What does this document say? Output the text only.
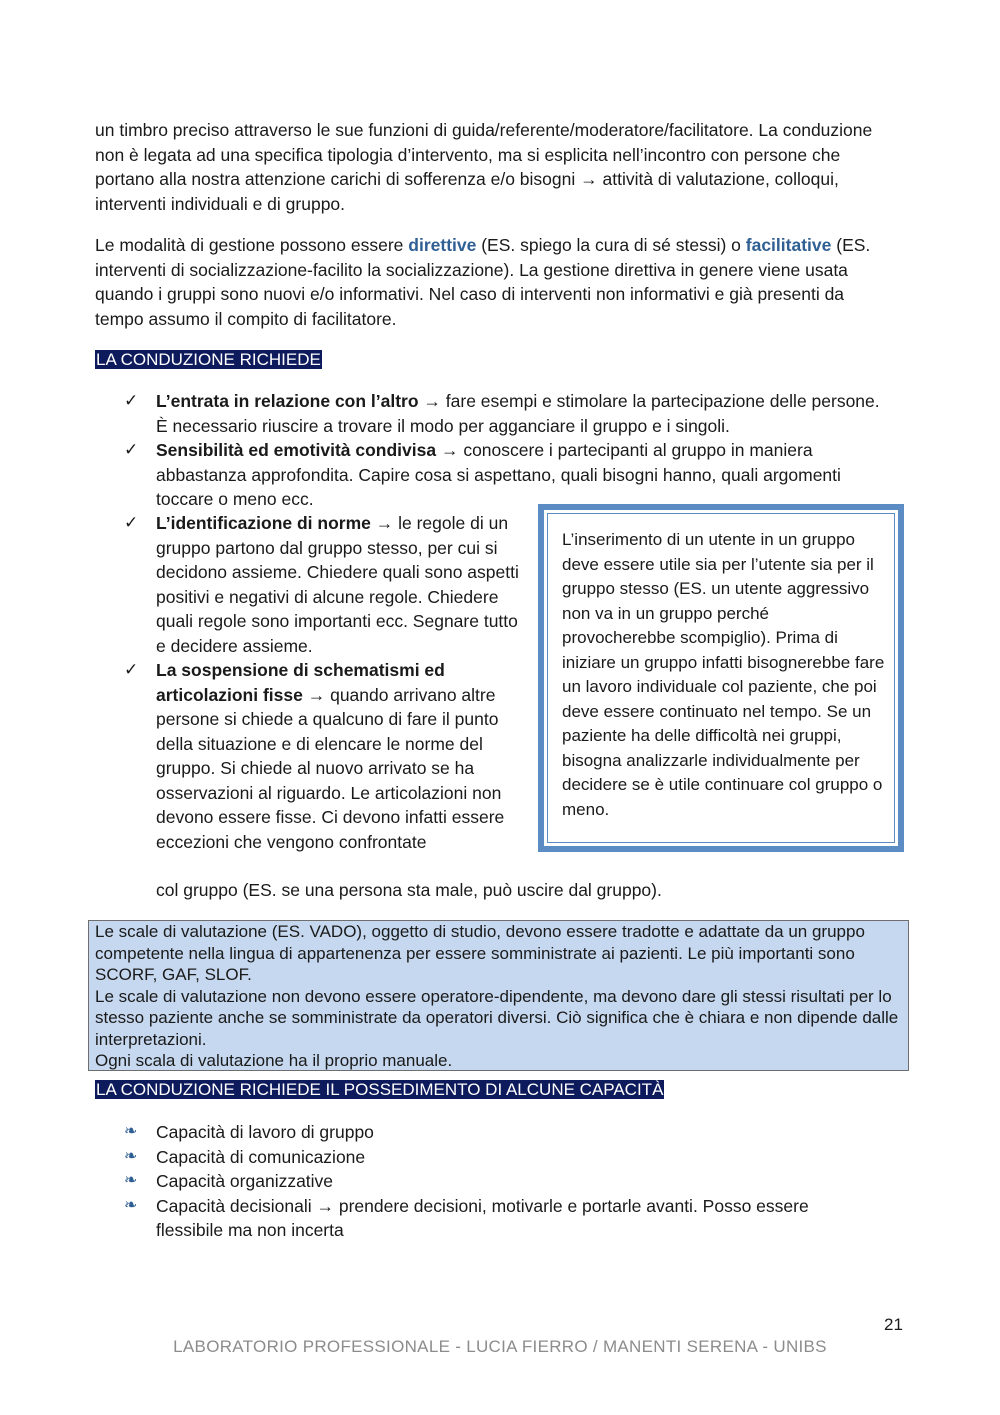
un timbro preciso attraverso le sue funzioni di guida/referente/moderatore/facilitatore. La conduzione non è legata ad una specifica tipologia d’intervento, ma si esplicita nell’incontro con persone che portano alla nostra attenzione carichi di sofferenza e/o bisogni → attività di valutazione, colloqui, interventi individuali e di gruppo.

Le modalità di gestione possono essere direttive (ES. spiego la cura di sé stessi) o facilitative (ES. interventi di socializzazione-facilito la socializzazione). La gestione direttiva in genere viene usata quando i gruppi sono nuovi e/o informativi. Nel caso di interventi non informativi e già presenti da tempo assumo il compito di facilitatore.

LA CONDUZIONE RICHIEDE
✓ L’entrata in relazione con l’altro → fare esempi e stimolare la partecipazione delle persone. È necessario riuscire a trovare il modo per agganciare il gruppo e i singoli.
✓ Sensibilità ed emotività condivisa → conoscere i partecipanti al gruppo in maniera abbastanza approfondita. Capire cosa si aspettano, quali bisogni hanno, quali argomenti toccare o meno ecc.
✓ L’identificazione di norme → le regole di un gruppo partono dal gruppo stesso, per cui si decidono assieme. Chiedere quali sono aspetti positivi e negativi di alcune regole. Chiedere quali regole sono importanti ecc. Segnare tutto e decidere assieme.
✓ La sospensione di schematismi ed articolazioni fisse → quando arrivano altre persone si chiede a qualcuno di fare il punto della situazione e di elencare le norme del gruppo. Si chiede al nuovo arrivato se ha osservazioni al riguardo. Le articolazioni non devono essere fisse. Ci devono infatti essere eccezioni che vengono confrontate

col gruppo (ES. se una persona sta male, può uscire dal gruppo).

L’inserimento di un utente in un gruppo deve essere utile sia per l’utente sia per il gruppo stesso (ES. un utente aggressivo non va in un gruppo perché provocherebbe scompiglio). Prima di iniziare un gruppo infatti bisognerebbe fare un lavoro individuale col paziente, che poi deve essere continuato nel tempo. Se un paziente ha delle difficoltà nei gruppi, bisogna analizzarle individualmente per decidere se è utile continuare col gruppo o meno.

Le scale di valutazione (ES. VADO), oggetto di studio, devono essere tradotte e adattate da un gruppo competente nella lingua di appartenenza per essere somministrate ai pazienti. Le più importanti sono SCORF, GAF, SLOF.

Le scale di valutazione non devono essere operatore-dipendente, ma devono dare gli stessi risultati per lo stesso paziente anche se somministrate da operatori diversi. Ciò significa che è chiara e non dipende dalle interpretazioni.

Ogni scala di valutazione ha il proprio manuale.

LA CONDUZIONE RICHIEDE IL POSSEDIMENTO DI ALCUNE CAPACITÀ
❧ Capacità di lavoro di gruppo
❧ Capacità di comunicazione
❧ Capacità organizzative
❧ Capacità decisionali → prendere decisioni, motivarle e portarle avanti. Posso essere flessibile ma non incerta
21
LABORATORIO PROFESSIONALE - LUCIA FIERRO / MANENTI SERENA - UNIBS
